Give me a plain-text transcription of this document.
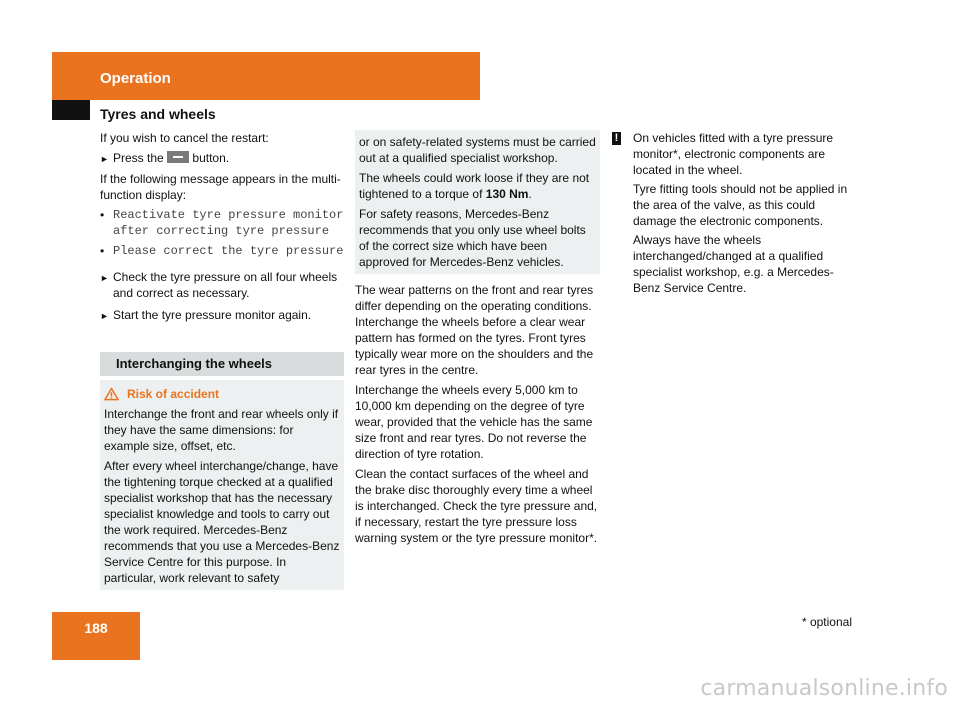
Operation
Tyres and wheels

If you wish to cancel the restart:

► Press the button.

If the following message appears in the multi-function display:

• Reactivate tyre pressure monitor
after correcting tyre pressure
• Please correct the tyre pressure
► Check the tyre pressure on all four wheels and correct as necessary.
► Start the tyre pressure monitor again.
Interchanging the wheels
Risk of accident

Interchange the front and rear wheels only if they have the same dimensions: for example size, offset, etc.

After every wheel interchange/change, have the tightening torque checked at a qualified specialist workshop that has the necessary specialist knowledge and tools to carry out the work required. Mercedes-Benz recommends that you use a Mercedes-Benz Service Centre for this purpose. In particular, work relevant to safety

or on safety-related systems must be carried out at a qualified specialist workshop.

The wheels could work loose if they are not tightened to a torque of 130 Nm.

For safety reasons, Mercedes-Benz recommends that you only use wheel bolts of the correct size which have been approved for Mercedes-Benz vehicles.

The wear patterns on the front and rear tyres differ depending on the operating conditions. Interchange the wheels before a clear wear pattern has formed on the tyres. Front tyres typically wear more on the shoulders and the rear tyres in the centre.

Interchange the wheels every 5,000 km to 10,000 km depending on the degree of tyre wear, provided that the vehicle has the same size front and rear tyres. Do not reverse the direction of tyre rotation.

Clean the contact surfaces of the wheel and the brake disc thoroughly every time a wheel is interchanged. Check the tyre pressure and, if necessary, restart the tyre pressure loss warning system or the tyre pressure monitor*.

! On vehicles fitted with a tyre pressure monitor*, electronic components are located in the wheel.

Tyre fitting tools should not be applied in the area of the valve, as this could damage the electronic components.

Always have the wheels interchanged/changed at a qualified specialist workshop, e.g. a Mercedes-Benz Service Centre.

188	* optional
carmanualsonline.info
